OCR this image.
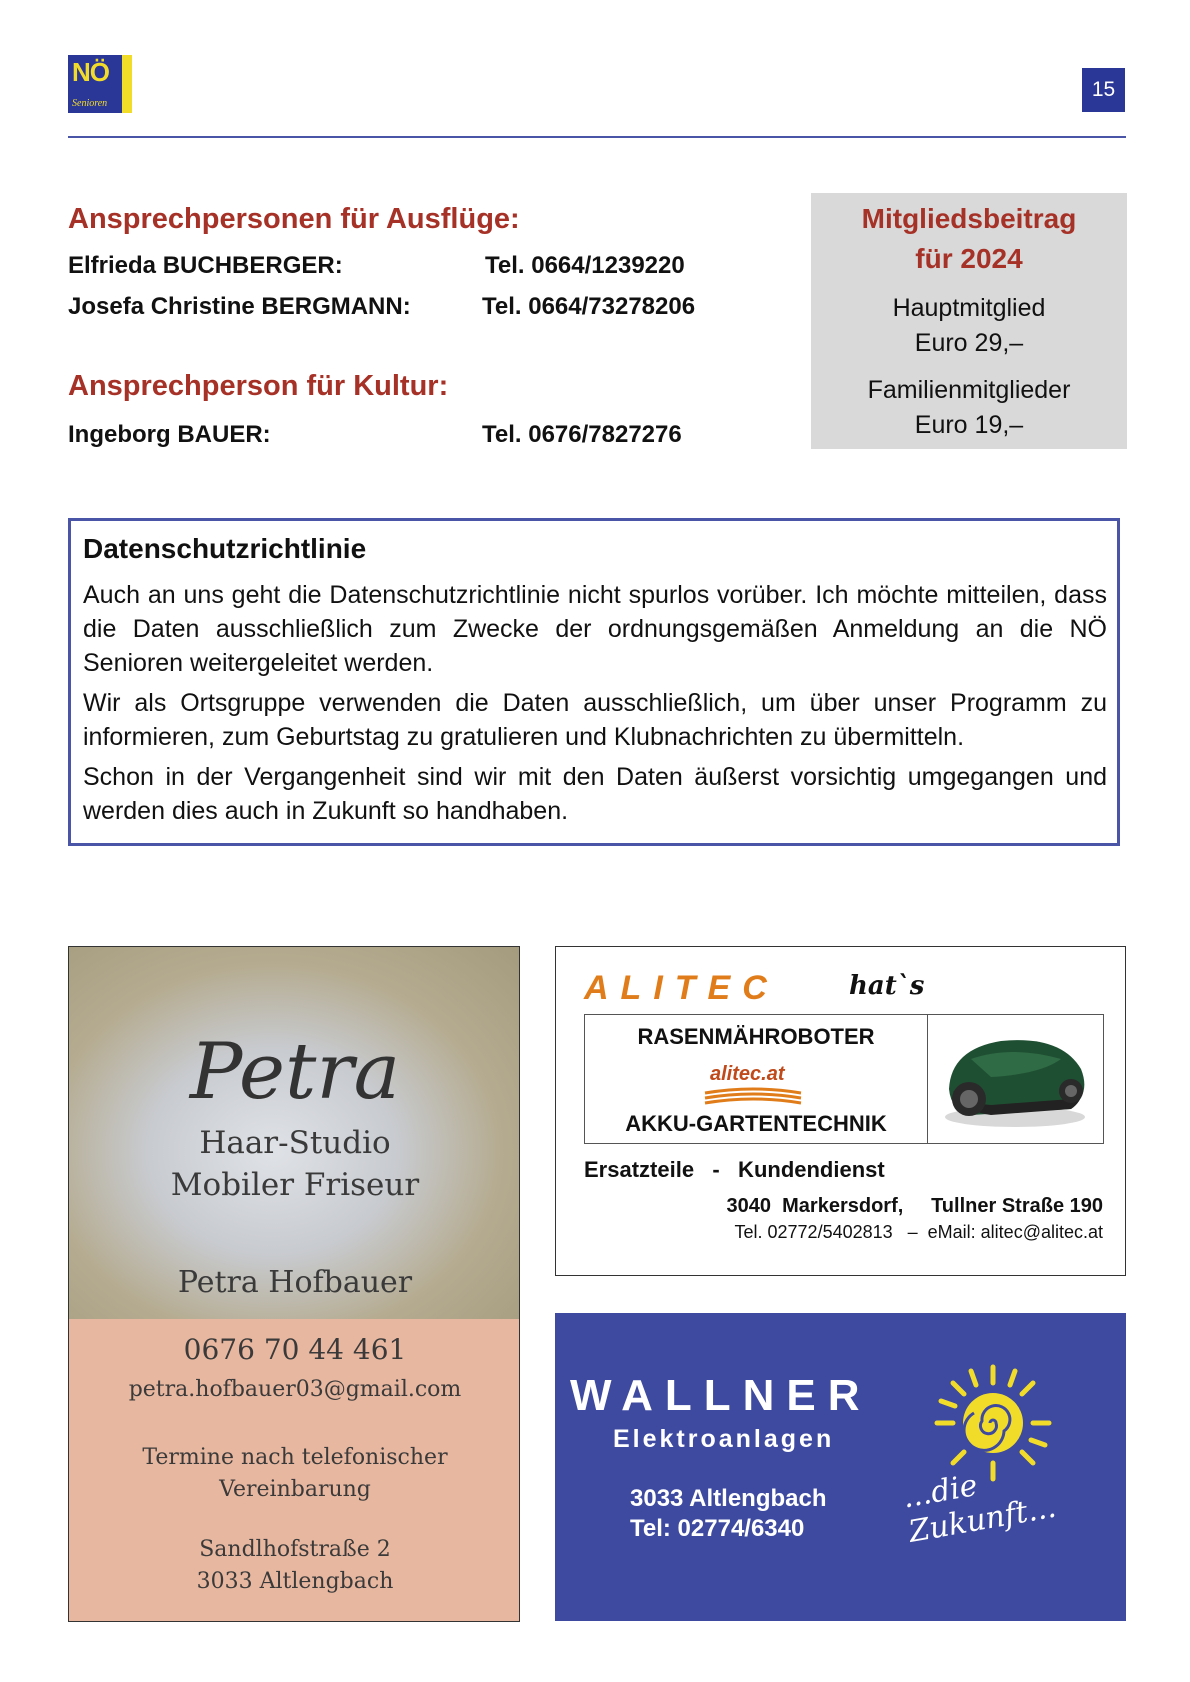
NÖ
Senioren
15
Ansprechpersonen für Ausflüge:
Elfrieda BUCHBERGER:	Tel. 0664/1239220
Josefa Christine BERGMANN:	Tel. 0664/73278206
Ansprechperson für Kultur:
Ingeborg BAUER:	Tel. 0676/7827276
Mitgliedsbeitrag
für 2024
Hauptmitglied
Euro 29,–
Familienmitglieder
Euro 19,–
Datenschutzrichtlinie
Auch an uns geht die Datenschutzrichtlinie nicht spurlos vorüber. Ich möchte mitteilen, dass die Daten ausschließlich zum Zwecke der ordnungsgemäßen Anmeldung an die NÖ Senioren weitergeleitet werden.
Wir als Ortsgruppe verwenden die Daten ausschließlich, um über unser Programm zu informieren, zum Geburtstag zu gratulieren und Klubnachrichten zu übermitteln.
Schon in der Vergangenheit sind wir mit den Daten äußerst vorsichtig umgegangen und werden dies auch in Zukunft so handhaben.
Petra
Haar-Studio
Mobiler Friseur
Petra Hofbauer
0676 70 44 461
petra.hofbauer03@gmail.com
Termine nach telefonischer
Vereinbarung
Sandlhofstraße 2
3033 Altlengbach
ALITEC	hat`s
RASENMÄHROBOTER
alitec.at
AKKU-GARTENTECHNIK
Ersatzteile   -   Kundendienst
3040  Markersdorf,     Tullner Straße 190
Tel. 02772/5402813   –  eMail: alitec@alitec.at
WALLNER
Elektroanlagen
3033 Altlengbach
Tel: 02774/6340
...die Zukunft...
